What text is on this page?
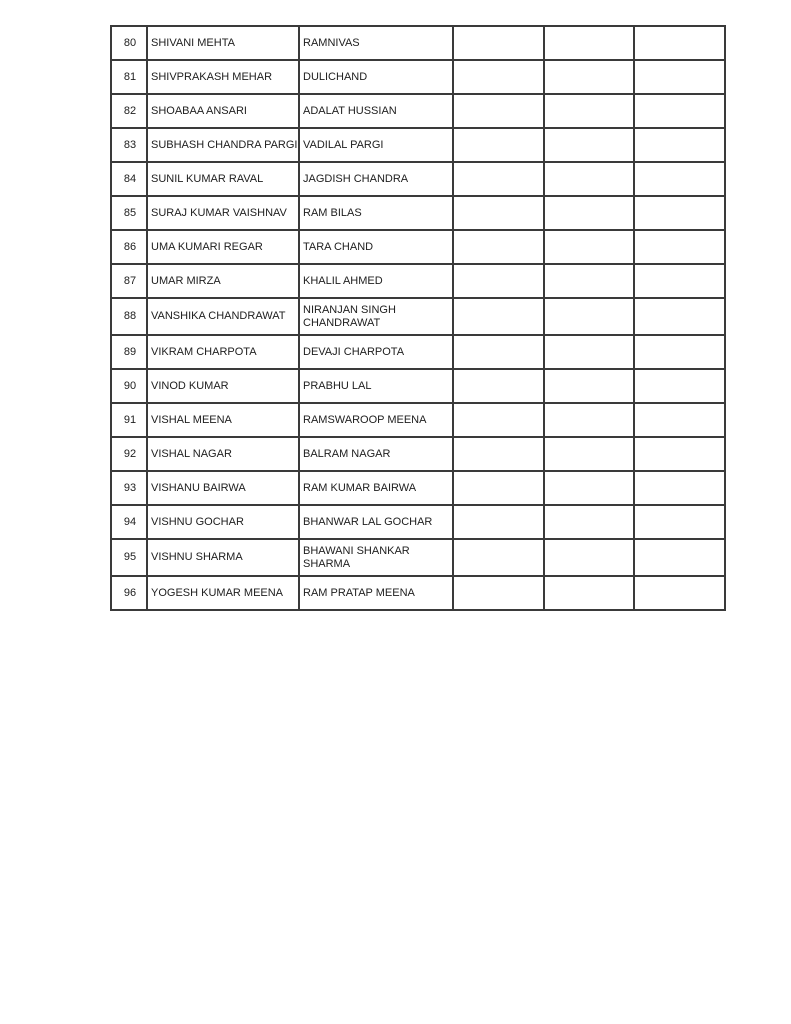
80	SHIVANI MEHTA	RAMNIVAS			
81	SHIVPRAKASH MEHAR	DULICHAND			
82	SHOABAA ANSARI	ADALAT HUSSIAN			
83	SUBHASH CHANDRA PARGI	VADILAL PARGI			
84	SUNIL KUMAR RAVAL	JAGDISH CHANDRA			
85	SURAJ KUMAR VAISHNAV	RAM BILAS			
86	UMA KUMARI REGAR	TARA CHAND			
87	UMAR MIRZA	KHALIL AHMED			
88	VANSHIKA CHANDRAWAT	NIRANJAN SINGH CHANDRAWAT			
89	VIKRAM CHARPOTA	DEVAJI CHARPOTA			
90	VINOD KUMAR	PRABHU LAL			
91	VISHAL MEENA	RAMSWAROOP MEENA			
92	VISHAL NAGAR	BALRAM NAGAR			
93	VISHANU BAIRWA	RAM KUMAR BAIRWA			
94	VISHNU GOCHAR	BHANWAR LAL GOCHAR			
95	VISHNU SHARMA	BHAWANI SHANKAR SHARMA			
96	YOGESH KUMAR MEENA	RAM PRATAP MEENA			
